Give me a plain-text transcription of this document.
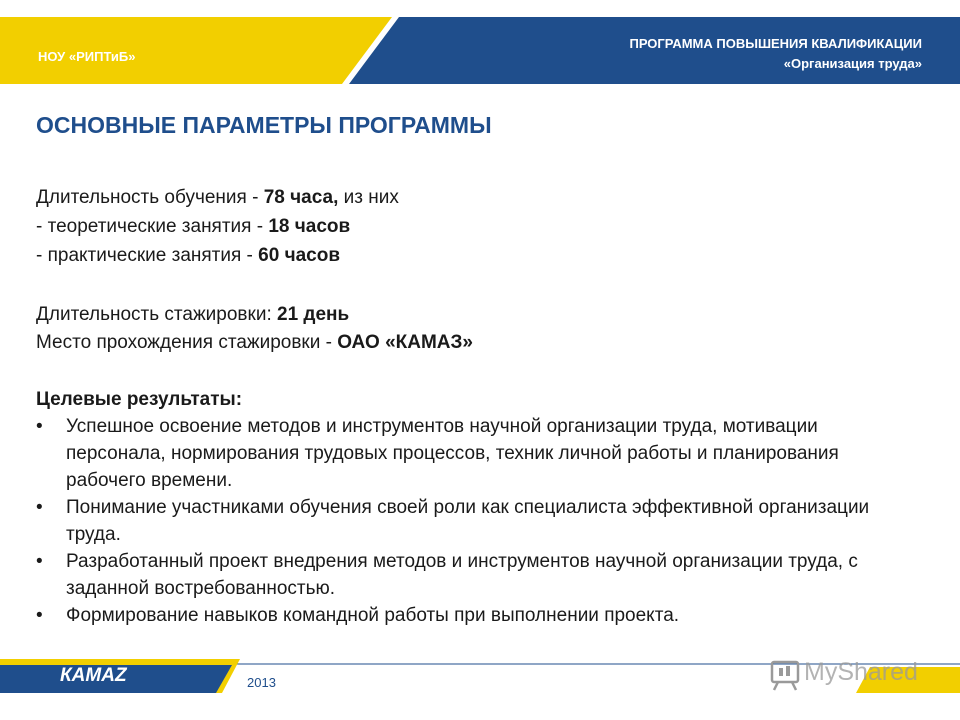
НОУ «РИПТиБ»
ПРОГРАММА ПОВЫШЕНИЯ КВАЛИФИКАЦИИ
«Организация труда»
ОСНОВНЫЕ ПАРАМЕТРЫ ПРОГРАММЫ
Длительность обучения - 78 часа, из них
- теоретические занятия - 18 часов
- практические занятия - 60 часов
Длительность стажировки: 21 день
Место прохождения стажировки - ОАО «КАМАЗ»
Целевые результаты:
• Успешное освоение методов и инструментов научной организации труда, мотивации персонала, нормирования трудовых процессов, техник личной работы и планирования рабочего времени.
• Понимание участниками обучения своей роли как специалиста эффективной организации труда.
• Разработанный проект внедрения методов и инструментов научной организации труда, с заданной востребованностью.
• Формирование навыков командной работы при выполнении проекта.
КАМАZ	2013	MyShared
